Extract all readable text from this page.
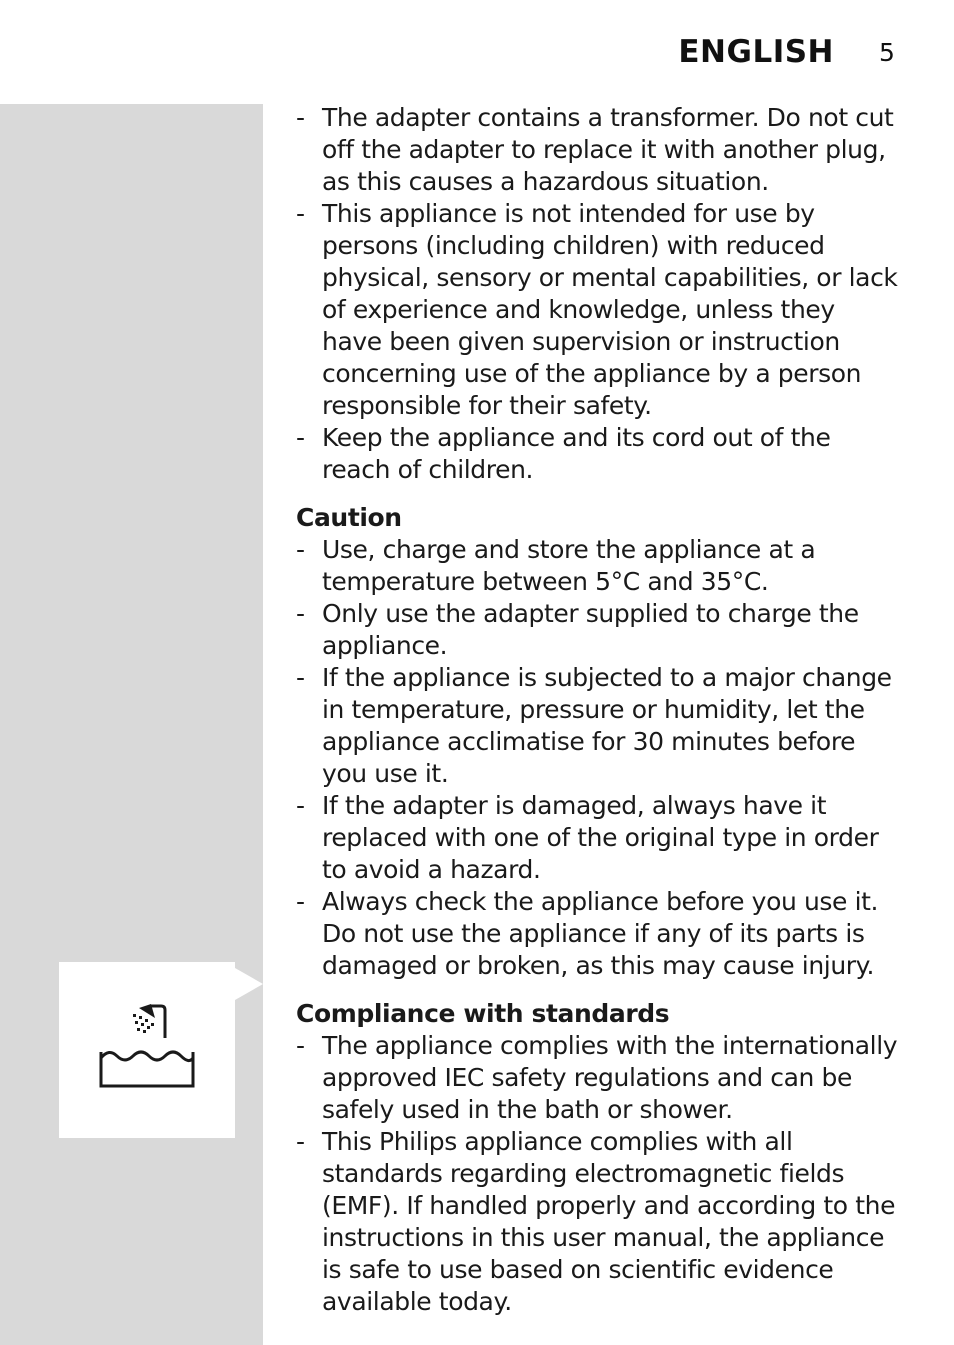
ENGLISH 5
- The adapter contains a transformer. Do not cut off the adapter to replace it with another plug, as this causes a hazardous situation.
- This appliance is not intended for use by persons (including children) with reduced physical, sensory or mental capabilities, or lack of experience and knowledge, unless they have been given supervision or instruction concerning use of the appliance by a person responsible for their safety.
- Keep the appliance and its cord out of the reach of children.
Caution
- Use, charge and store the appliance at a temperature between 5°C and 35°C.
- Only use the adapter supplied to charge the appliance.
- If the appliance is subjected to a major change in temperature, pressure or humidity, let the appliance acclimatise for 30 minutes before you use it.
- If the adapter is damaged, always have it replaced with one of the original type in order to avoid a hazard.
- Always check the appliance before you use it. Do not use the appliance if any of its parts is damaged or broken, as this may cause injury.
Compliance with standards
- The appliance complies with the internationally approved IEC safety regulations and can be safely used in the bath or shower.
- This Philips appliance complies with all standards regarding electromagnetic fields (EMF). If handled properly and according to the instructions in this user manual, the appliance is safe to use based on scientific evidence available today.
